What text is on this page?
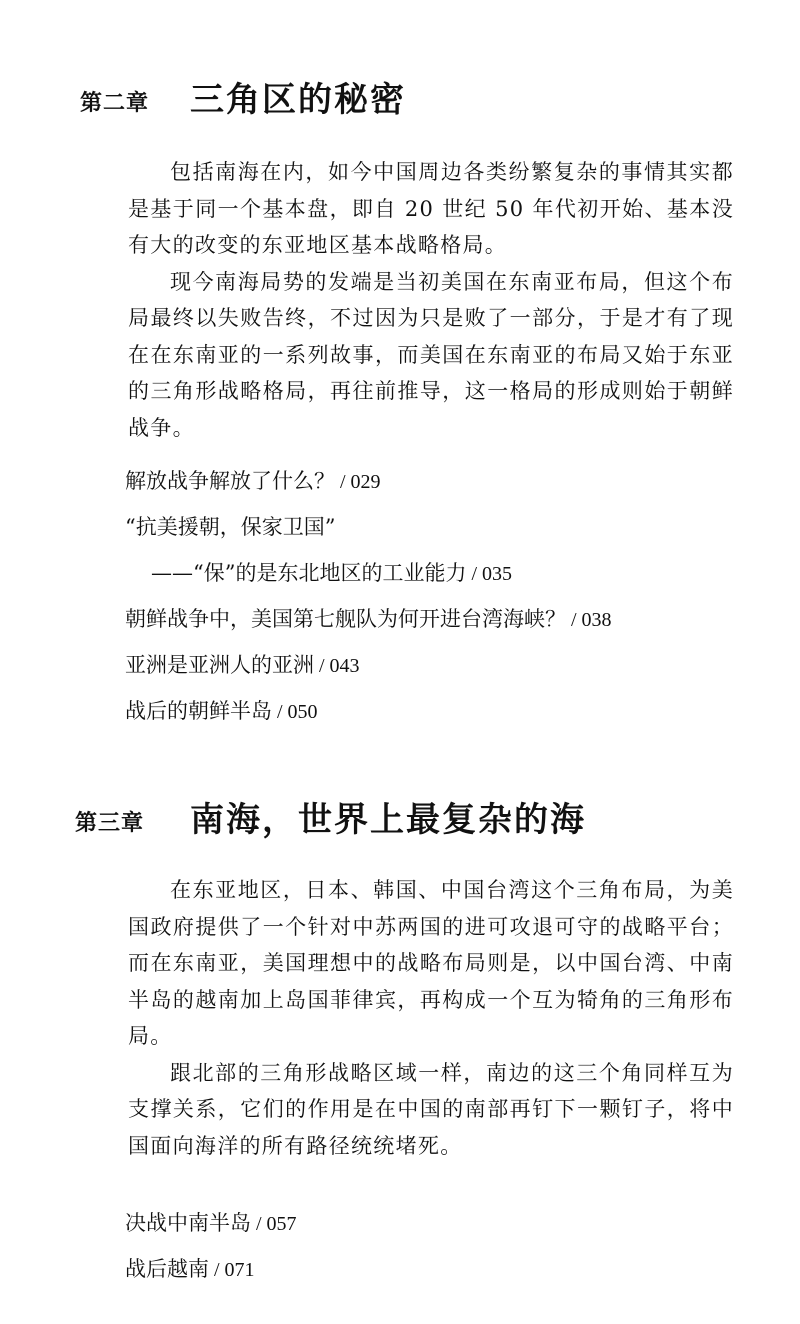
第二章 三角区的秘密

包括南海在内，如今中国周边各类纷繁复杂的事情其实都是基于同一个基本盘，即自 20 世纪 50 年代初开始、基本没有大的改变的东亚地区基本战略格局。

现今南海局势的发端是当初美国在东南亚布局，但这个布局最终以失败告终，不过因为只是败了一部分，于是才有了现在在东南亚的一系列故事，而美国在东南亚的布局又始于东亚的三角形战略格局，再往前推导，这一格局的形成则始于朝鲜战争。

解放战争解放了什么？ / 029
“抗美援朝，保家卫国”
——“保”的是东北地区的工业能力 / 035
朝鲜战争中，美国第七舰队为何开进台湾海峡？ / 038
亚洲是亚洲人的亚洲 / 043
战后的朝鲜半岛 / 050
第三章 南海，世界上最复杂的海

在东亚地区，日本、韩国、中国台湾这个三角布局，为美国政府提供了一个针对中苏两国的进可攻退可守的战略平台；而在东南亚，美国理想中的战略布局则是，以中国台湾、中南半岛的越南加上岛国菲律宾，再构成一个互为犄角的三角形布局。

跟北部的三角形战略区域一样，南边的这三个角同样互为支撑关系，它们的作用是在中国的南部再钉下一颗钉子，将中国面向海洋的所有路径统统堵死。

决战中南半岛 / 057
战后越南 / 071
